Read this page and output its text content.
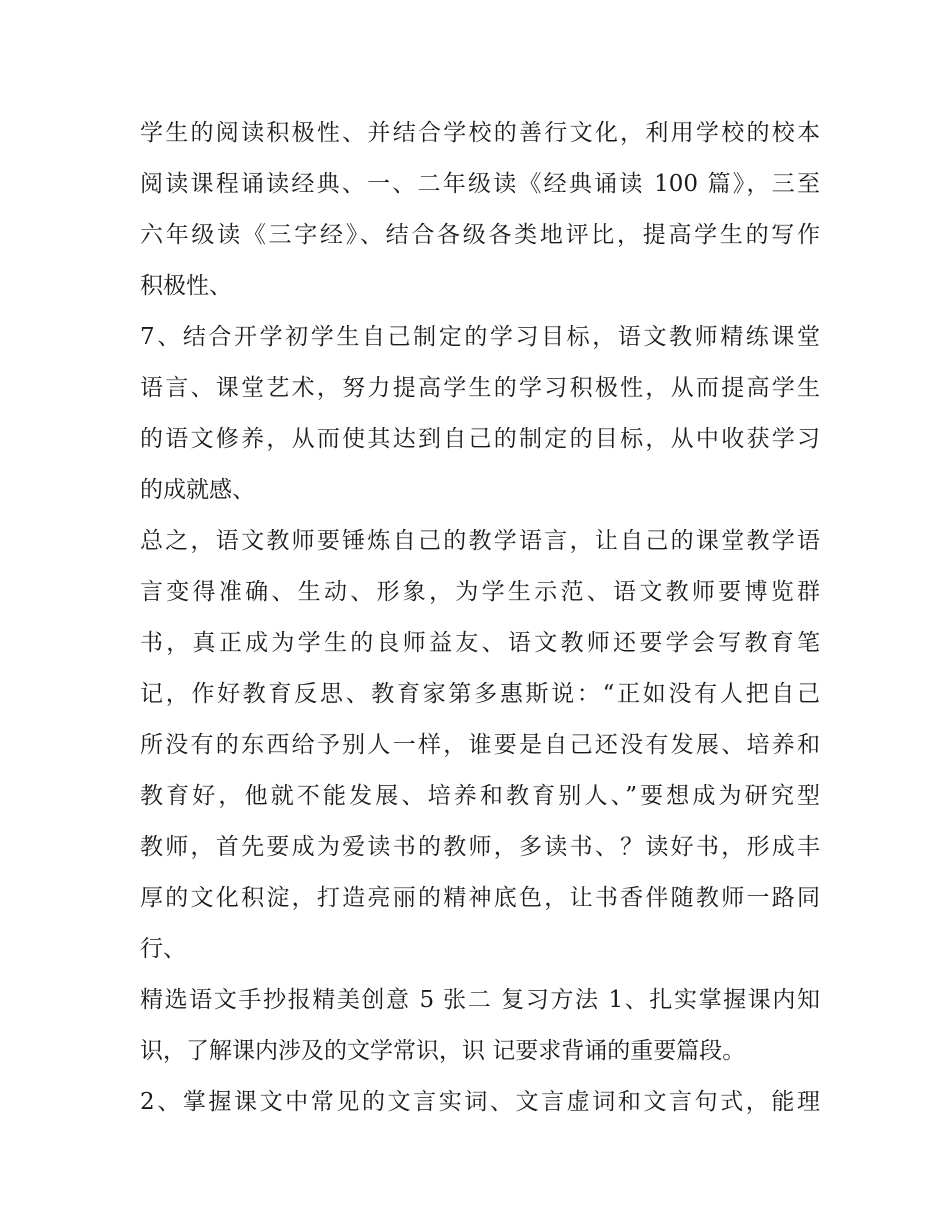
学生的阅读积极性、并结合学校的善行文化，利用学校的校本
阅读课程诵读经典、一、二年级读《经典诵读 100 篇》，三至
六年级读《三字经》、结合各级各类地评比，提高学生的写作
积极性、
7、结合开学初学生自己制定的学习目标，语文教师精练课堂
语言、课堂艺术，努力提高学生的学习积极性，从而提高学生
的语文修养，从而使其达到自己的制定的目标，从中收获学习
的成就感、
总之，语文教师要锤炼自己的教学语言，让自己的课堂教学语
言变得准确、生动、形象，为学生示范、语文教师要博览群
书，真正成为学生的良师益友、语文教师还要学会写教育笔
记，作好教育反思、教育家第多惠斯说：“正如没有人把自己
所没有的东西给予别人一样，谁要是自己还没有发展、培养和
教育好，他就不能发展、培养和教育别人、”要想成为研究型
教师，首先要成为爱读书的教师，多读书、？读好书，形成丰
厚的文化积淀，打造亮丽的精神底色，让书香伴随教师一路同
行、
精选语文手抄报精美创意 5 张二 复习方法 1、扎实掌握课内知
识，了解课内涉及的文学常识，识 记要求背诵的重要篇段。
2、掌握课文中常见的文言实词、文言虚词和文言句式，能理
